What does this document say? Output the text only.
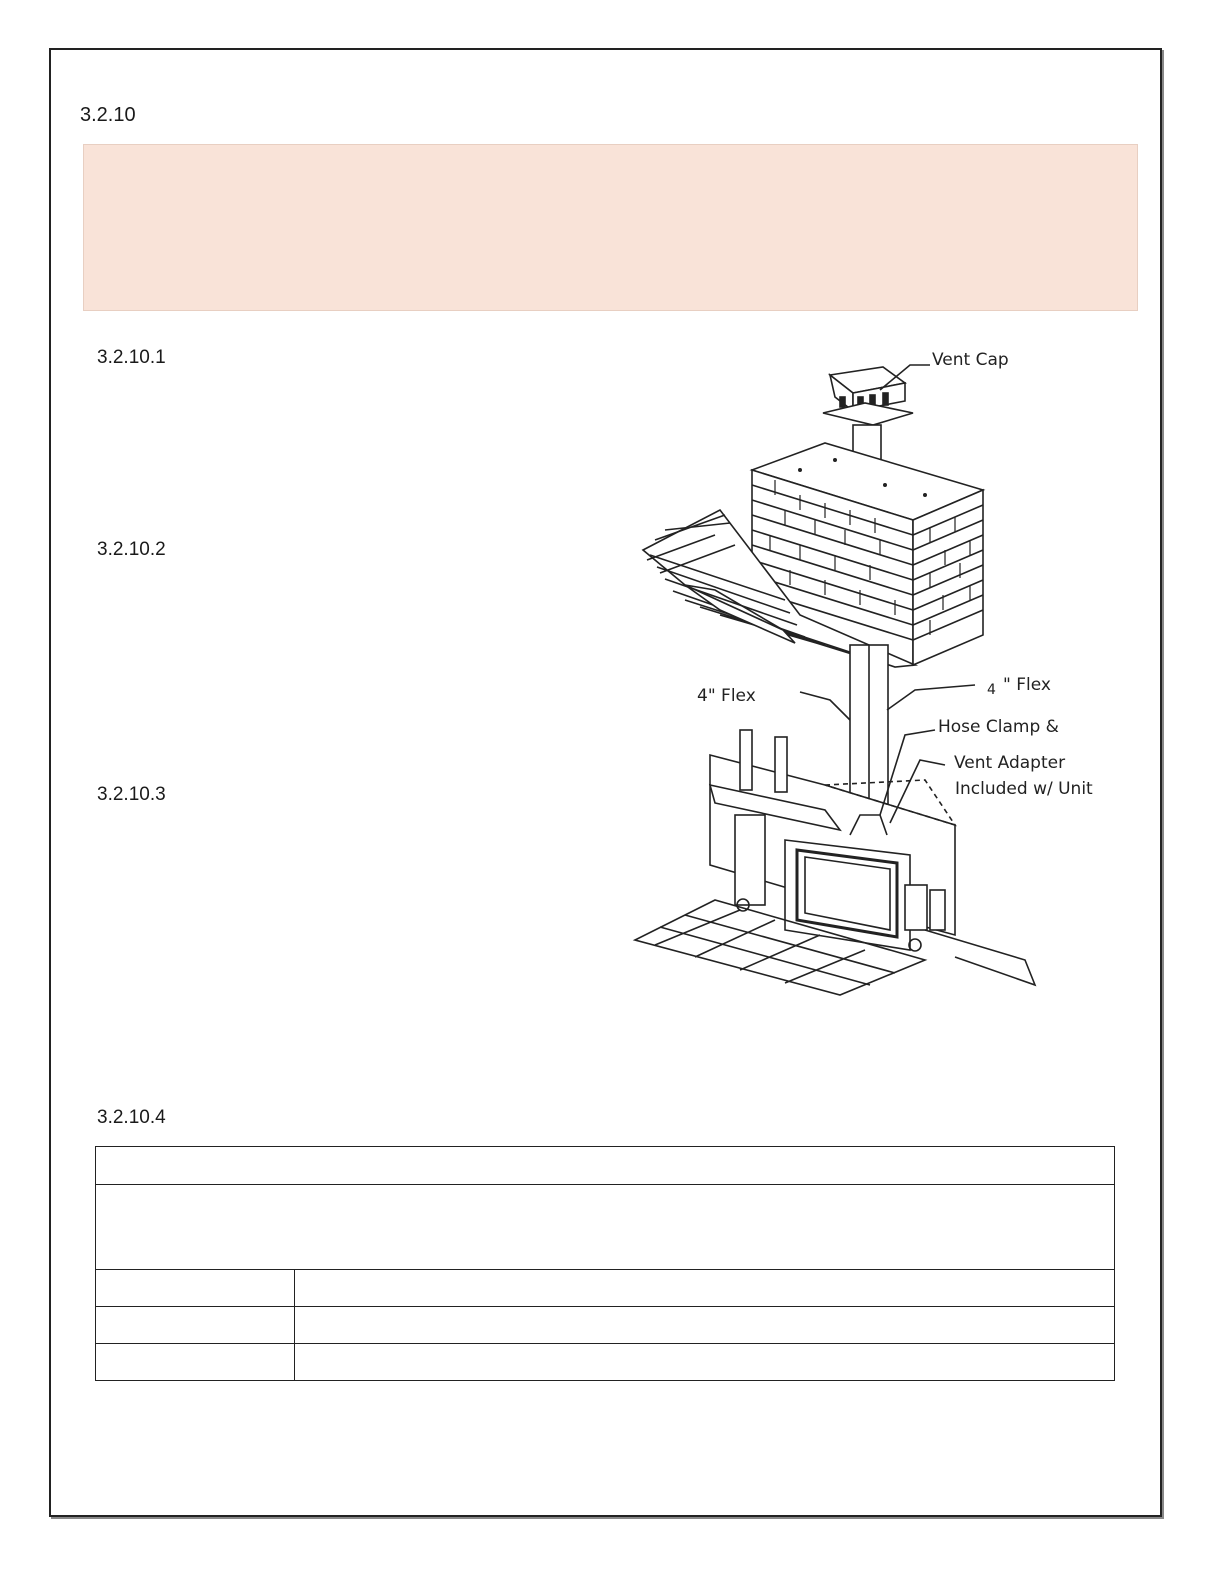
3.2.10
3.2.10.1
3.2.10.2
3.2.10.3
3.2.10.4
Vent Cap
4" Flex	4 " Flex
Hose Clamp &
Vent Adapter
Included w/ Unit
